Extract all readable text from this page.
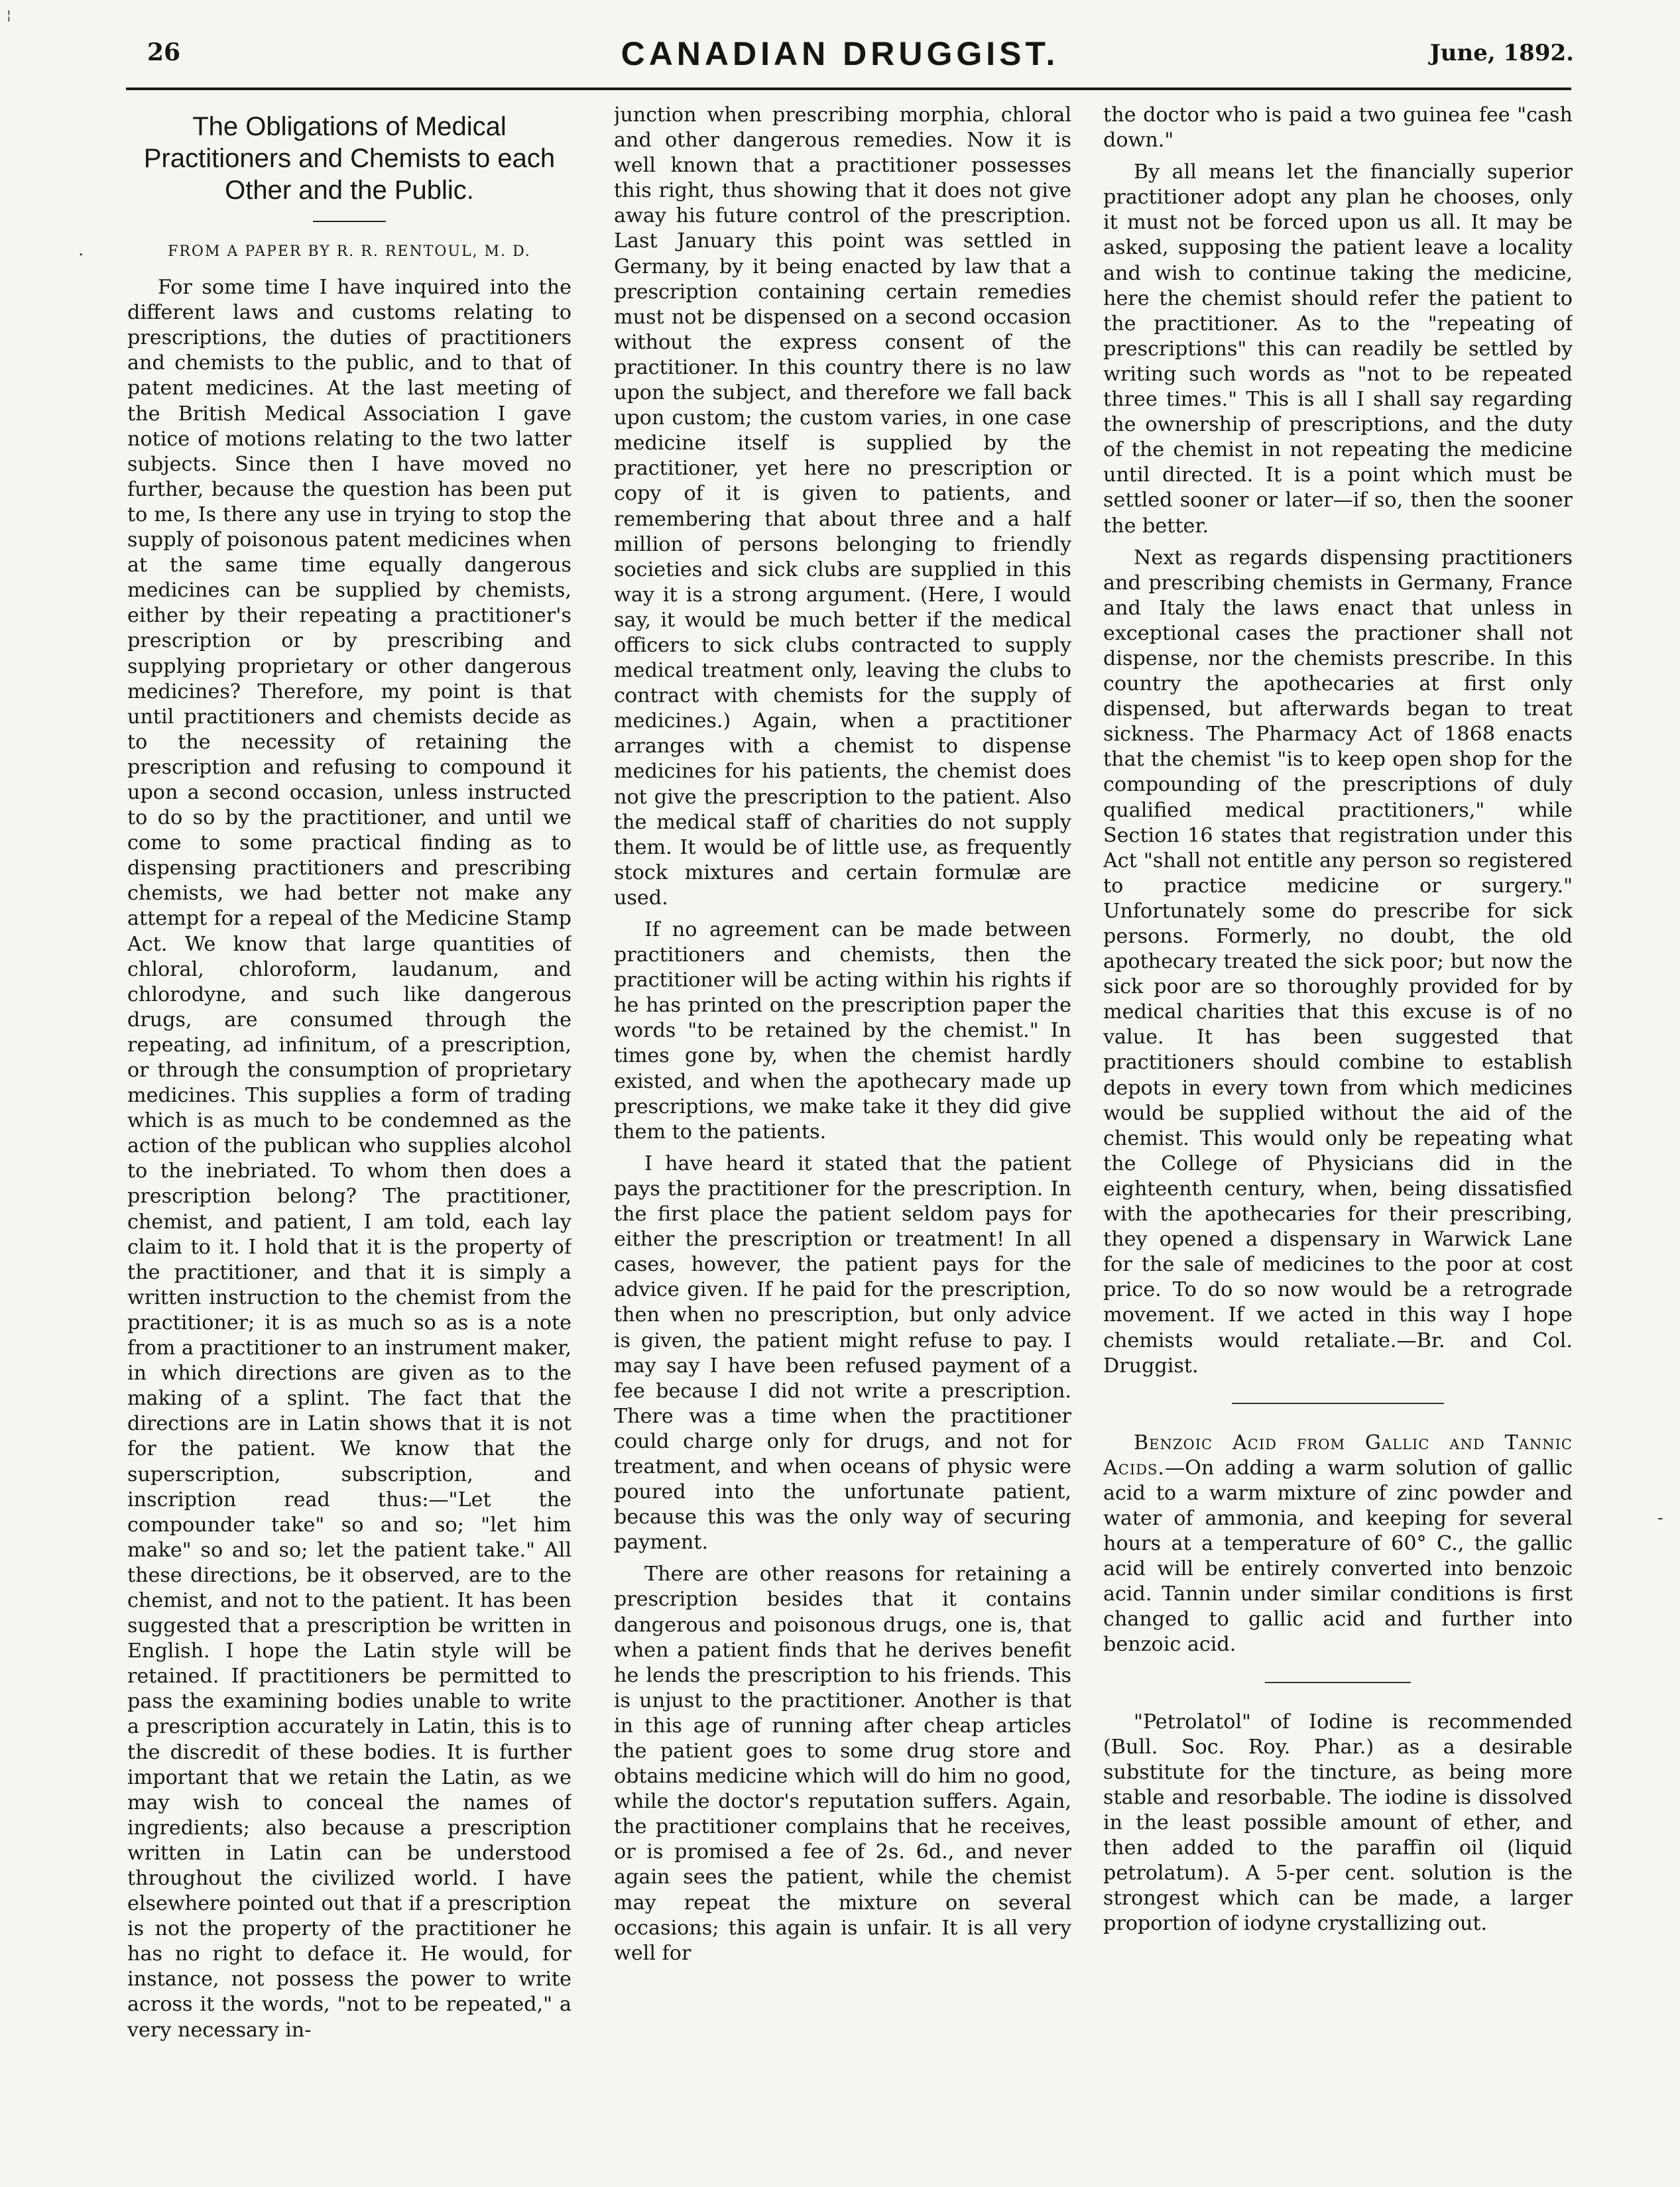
26	CANADIAN DRUGGIST.	June, 1892.
The Obligations of Medical Practitioners and Chemists to each Other and the Public.
FROM A PAPER BY R. R. RENTOUL, M. D.

For some time I have inquired into the different laws and customs relating to prescriptions, the duties of practitioners and chemists to the public, and to that of patent medicines. At the last meeting of the British Medical Association I gave notice of motions relating to the two latter subjects. Since then I have moved no further, because the question has been put to me, Is there any use in trying to stop the supply of poisonous patent medicines when at the same time equally dangerous medicines can be supplied by chemists, either by their repeating a practitioner's prescription or by prescribing and supplying proprietary or other dangerous medicines? Therefore, my point is that until practitioners and chemists decide as to the necessity of retaining the prescription and refusing to compound it upon a second occasion, unless instructed to do so by the practitioner, and until we come to some practical finding as to dispensing practitioners and prescribing chemists, we had better not make any attempt for a repeal of the Medicine Stamp Act. We know that large quantities of chloral, chloroform, laudanum, and chlorodyne, and such like dangerous drugs, are consumed through the repeating, ad infinitum, of a prescription, or through the consumption of proprietary medicines. This supplies a form of trading which is as much to be condemned as the action of the publican who supplies alcohol to the inebriated. To whom then does a prescription belong? The practitioner, chemist, and patient, I am told, each lay claim to it. I hold that it is the property of the practitioner, and that it is simply a written instruction to the chemist from the practitioner; it is as much so as is a note from a practitioner to an instrument maker, in which directions are given as to the making of a splint. The fact that the directions are in Latin shows that it is not for the patient. We know that the superscription, subscription, and inscription read thus:—"Let the compounder take" so and so; "let him make" so and so; let the patient take." All these directions, be it observed, are to the chemist, and not to the patient. It has been suggested that a prescription be written in English. I hope the Latin style will be retained. If practitioners be permitted to pass the examining bodies unable to write a prescription accurately in Latin, this is to the discredit of these bodies. It is further important that we retain the Latin, as we may wish to conceal the names of ingredients; also because a prescription written in Latin can be understood throughout the civilized world. I have elsewhere pointed out that if a prescription is not the property of the practitioner he has no right to deface it. He would, for instance, not possess the power to write across it the words, "not to be repeated," a very necessary in-

junction when prescribing morphia, chloral and other dangerous remedies. Now it is well known that a practitioner possesses this right, thus showing that it does not give away his future control of the prescription. Last January this point was settled in Germany, by it being enacted by law that a prescription containing certain remedies must not be dispensed on a second occasion without the express consent of the practitioner. In this country there is no law upon the subject, and therefore we fall back upon custom; the custom varies, in one case medicine itself is supplied by the practitioner, yet here no prescription or copy of it is given to patients, and remembering that about three and a half million of persons belonging to friendly societies and sick clubs are supplied in this way it is a strong argument. (Here, I would say, it would be much better if the medical officers to sick clubs contracted to supply medical treatment only, leaving the clubs to contract with chemists for the supply of medicines.) Again, when a practitioner arranges with a chemist to dispense medicines for his patients, the chemist does not give the prescription to the patient. Also the medical staff of charities do not supply them. It would be of little use, as frequently stock mixtures and certain formulæ are used.

If no agreement can be made between practitioners and chemists, then the practitioner will be acting within his rights if he has printed on the prescription paper the words "to be retained by the chemist." In times gone by, when the chemist hardly existed, and when the apothecary made up prescriptions, we make take it they did give them to the patients.

I have heard it stated that the patient pays the practitioner for the prescription. In the first place the patient seldom pays for either the prescription or treatment! In all cases, however, the patient pays for the advice given. If he paid for the prescription, then when no prescription, but only advice is given, the patient might refuse to pay. I may say I have been refused payment of a fee because I did not write a prescription. There was a time when the practitioner could charge only for drugs, and not for treatment, and when oceans of physic were poured into the unfortunate patient, because this was the only way of securing payment.

There are other reasons for retaining a prescription besides that it contains dangerous and poisonous drugs, one is, that when a patient finds that he derives benefit he lends the prescription to his friends. This is unjust to the practitioner. Another is that in this age of running after cheap articles the patient goes to some drug store and obtains medicine which will do him no good, while the doctor's reputation suffers. Again, the practitioner complains that he receives, or is promised a fee of 2s. 6d., and never again sees the patient, while the chemist may repeat the mixture on several occasions; this again is unfair. It is all very well for

the doctor who is paid a two guinea fee "cash down."

By all means let the financially superior practitioner adopt any plan he chooses, only it must not be forced upon us all. It may be asked, supposing the patient leave a locality and wish to continue taking the medicine, here the chemist should refer the patient to the practitioner. As to the "repeating of prescriptions" this can readily be settled by writing such words as "not to be repeated three times." This is all I shall say regarding the ownership of prescriptions, and the duty of the chemist in not repeating the medicine until directed. It is a point which must be settled sooner or later—if so, then the sooner the better.

Next as regards dispensing practitioners and prescribing chemists in Germany, France and Italy the laws enact that unless in exceptional cases the practioner shall not dispense, nor the chemists prescribe. In this country the apothecaries at first only dispensed, but afterwards began to treat sickness. The Pharmacy Act of 1868 enacts that the chemist "is to keep open shop for the compounding of the prescriptions of duly qualified medical practitioners," while Section 16 states that registration under this Act "shall not entitle any person so registered to practice medicine or surgery." Unfortunately some do prescribe for sick persons. Formerly, no doubt, the old apothecary treated the sick poor; but now the sick poor are so thoroughly provided for by medical charities that this excuse is of no value. It has been suggested that practitioners should combine to establish depots in every town from which medicines would be supplied without the aid of the chemist. This would only be repeating what the College of Physicians did in the eighteenth century, when, being dissatisfied with the apothecaries for their prescribing, they opened a dispensary in Warwick Lane for the sale of medicines to the poor at cost price. To do so now would be a retrograde movement. If we acted in this way I hope chemists would retaliate.—Br. and Col. Druggist.

Benzoic Acid from Gallic and Tannic Acids.—On adding a warm solution of gallic acid to a warm mixture of zinc powder and water of ammonia, and keeping for several hours at a temperature of 60° C., the gallic acid will be entirely converted into benzoic acid. Tannin under similar conditions is first changed to gallic acid and further into benzoic acid.

"Petrolatol" of Iodine is recommended (Bull. Soc. Roy. Phar.) as a desirable substitute for the tincture, as being more stable and resorbable. The iodine is dissolved in the least possible amount of ether, and then added to the paraffin oil (liquid petrolatum). A 5-per cent. solution is the strongest which can be made, a larger proportion of iodyne crystallizing out.

¦
·
‑
